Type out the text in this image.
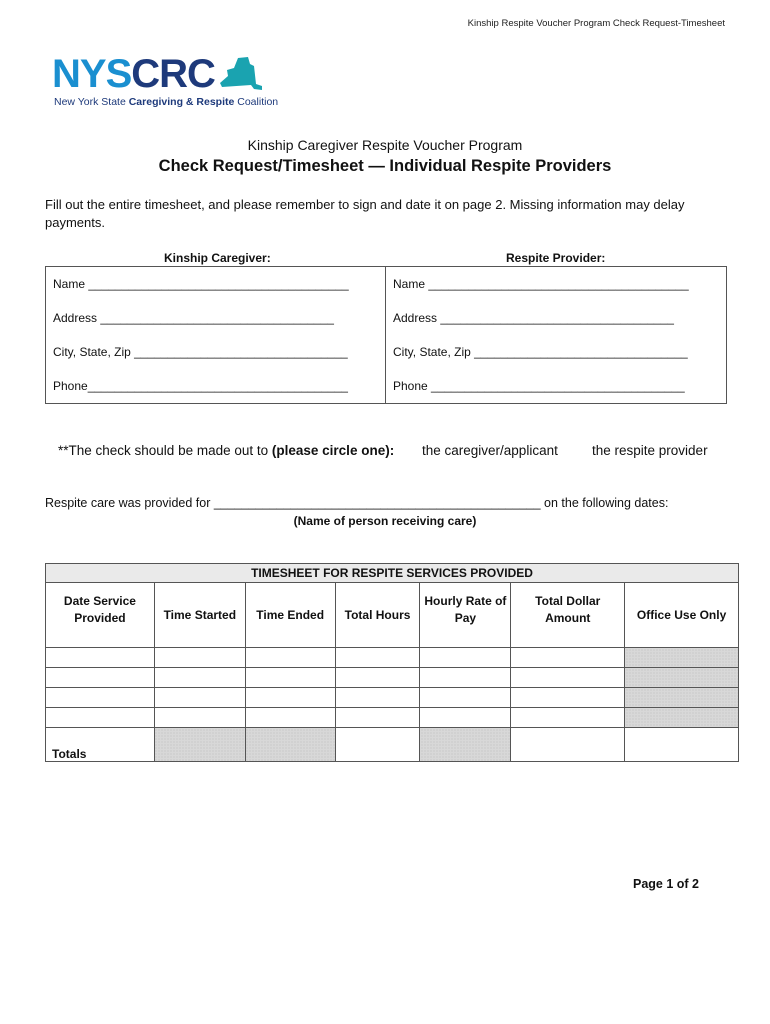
Kinship Respite Voucher Program Check Request-Timesheet
NYSCRC
New York State Caregiving & Respite Coalition
Kinship Caregiver Respite Voucher Program
Check Request/Timesheet — Individual Respite Providers
Fill out the entire timesheet, and please remember to sign and date it on page 2. Missing information may delay payments.
Kinship Caregiver:	Respite Provider:
Name _______________________________________
Address ___________________________________
City, State, Zip ________________________________
Phone_______________________________________
Name _______________________________________
Address ___________________________________
City, State, Zip ________________________________
Phone ______________________________________
**The check should be made out to (please circle one): the caregiver/applicant	the respite provider
Respite care was provided for _______________________________________________ on the following dates:
(Name of person receiving care)
TIMESHEET FOR RESPITE SERVICES PROVIDED						
Date Service Provided	Time Started	Time Ended	Total Hours	Hourly Rate of Pay	Total Dollar Amount	Office Use Only

Totals						
Page 1 of 2
